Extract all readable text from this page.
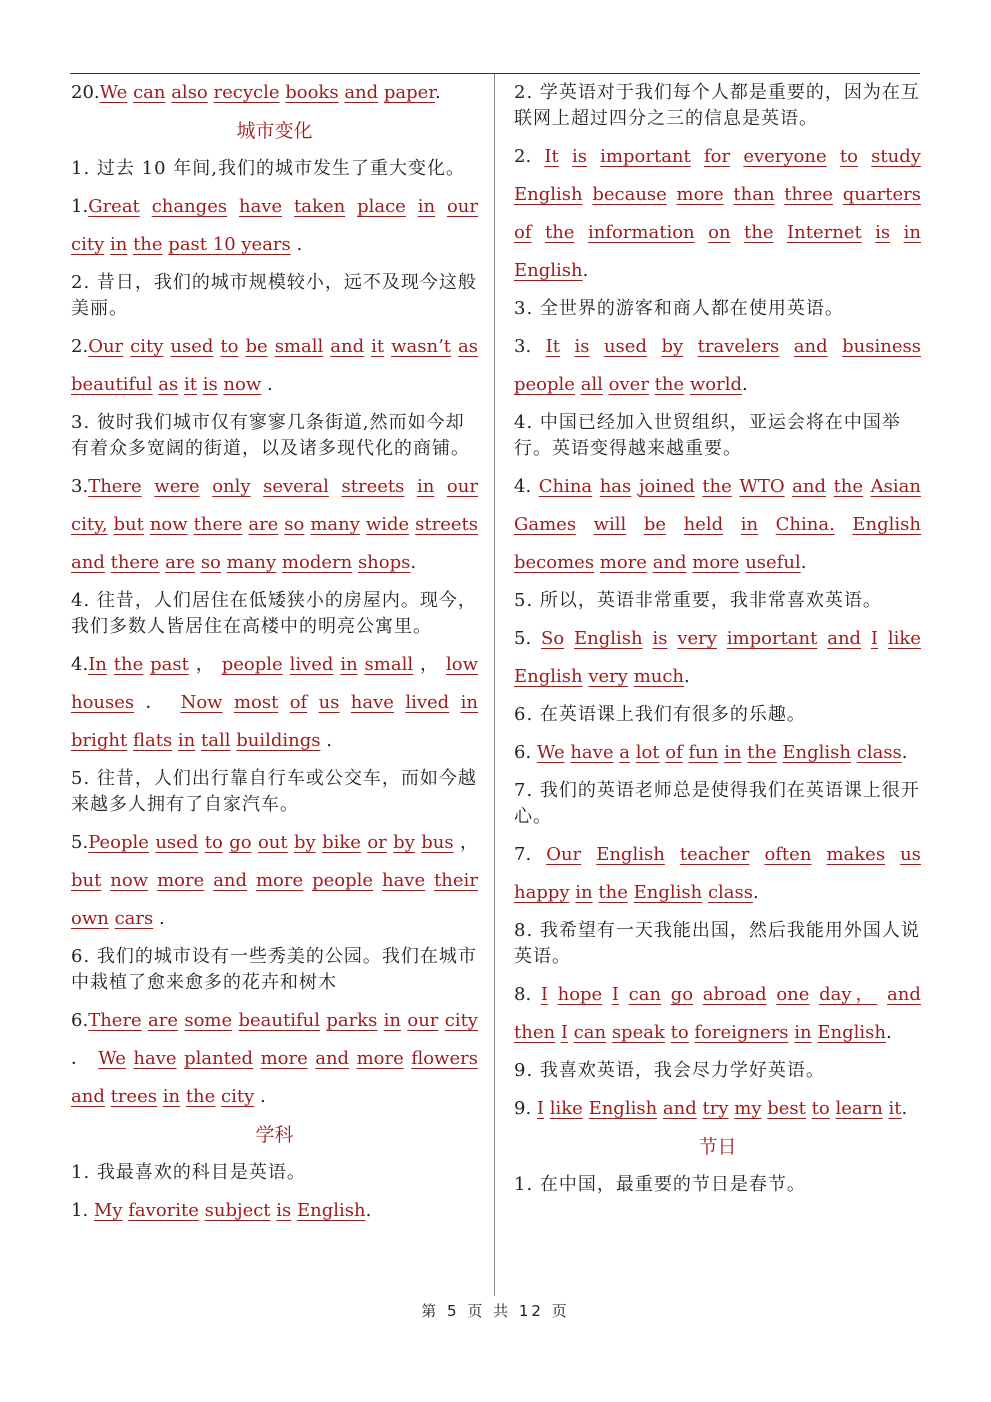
20.We can also recycle books and paper.
城市变化
1. 过去 10 年间,我们的城市发生了重大变化。
1.Great changes have taken place in our city in the past 10 years .
2. 昔日，我们的城市规模较小，远不及现今这般美丽。
2.Our city used to be small and it wasn’t as beautiful as it is now .
3. 彼时我们城市仅有寥寥几条街道,然而如今却有着众多宽阔的街道，以及诸多现代化的商铺。
3.There were only several streets in our city, but now there are so many wide streets and there are so many modern shops.
4. 往昔，人们居住在低矮狭小的房屋内。现今，我们多数人皆居住在高楼中的明亮公寓里。
4.In the past ， people lived in small ， low houses ． Now most of us have lived in bright flats in tall buildings .
5. 往昔，人们出行靠自行车或公交车，而如今越来越多人拥有了自家汽车。
5.People used to go out by bike or by bus ， but now more and more people have their own cars .
6. 我们的城市设有一些秀美的公园。我们在城市中栽植了愈来愈多的花卉和树木
6.There are some beautiful parks in our city ． We have planted more and more flowers and trees in the city .
学科
1. 我最喜欢的科目是英语。
1. My favorite subject is English.
2. 学英语对于我们每个人都是重要的，因为在互联网上超过四分之三的信息是英语。
2. It is important for everyone to study English because more than three quarters of the information on the Internet is in English.
3. 全世界的游客和商人都在使用英语。
3. It is used by travelers and business people all over the world.
4. 中国已经加入世贸组织，亚运会将在中国举行。英语变得越来越重要。
4. China has joined the WTO and the Asian Games will be held in China. English becomes more and more useful.
5. 所以，英语非常重要，我非常喜欢英语。
5. So English is very important and I like English very much.
6. 在英语课上我们有很多的乐趣。
6. We have a lot of fun in the English class.
7. 我们的英语老师总是使得我们在英语课上很开心。
7. Our English teacher often makes us happy in the English class.
8. 我希望有一天我能出国，然后我能用外国人说英语。
8. I hope I can go abroad one day， and then I can speak to foreigners in English.
9. 我喜欢英语，我会尽力学好英语。
9. I like English and try my best to learn it.
节日
1. 在中国，最重要的节日是春节。
第 5 页 共 12 页
